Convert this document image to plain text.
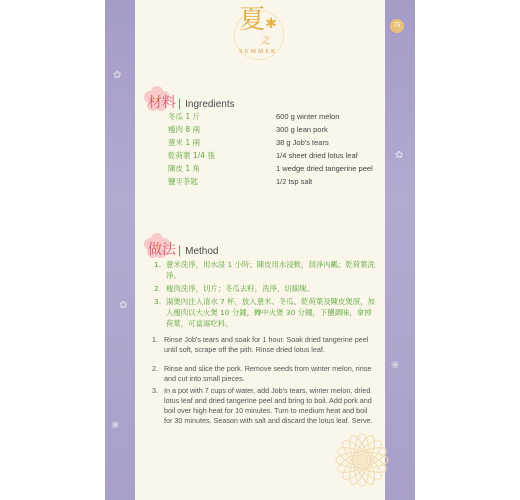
✿
✿
❀
✿
❀
夏✱
之
SUMMER
75
材料 | Ingredients
冬瓜 1 斤	600 g winter melon
瘦肉 8 兩	300 g lean pork
薏米 1 兩	38 g Job's tears
乾荷葉 1/4 張	1/4 sheet dried lotus leaf
陳皮 1 角	1 wedge dried tangerine peel
鹽半茶匙	1/2 tsp salt
做法 | Method
1. 薏米洗淨，用水浸 1 小時；陳皮用水浸軟，刮淨內瓤；乾荷葉洗淨。
2. 瘦肉洗淨，切片；冬瓜去籽，洗淨，切細塊。
3. 湯煲內注入清水 7 杯，放入薏米、冬瓜、乾荷葉及陳皮煲滾，加入瘦肉以大火煲 10 分鐘，轉中火煲 30 分鐘，下鹽調味，拿掉荷葉，可當湯吃料。
1. Rinse Job's tears and soak for 1 hour. Soak dried tangerine peel until soft, scrape off the pith. Rinse dried lotus leaf.
2. Rinse and slice the pork. Remove seeds from winter melon, rinse and cut into small pieces.
3. In a pot with 7 cups of water, add Job's tears, winter melon, dried lotus leaf and dried tangerine peel and bring to boil. Add pork and boil over high heat for 10 minutes. Turn to medium heat and boil for 30 minutes. Season with salt and discard the lotus leaf. Serve.
